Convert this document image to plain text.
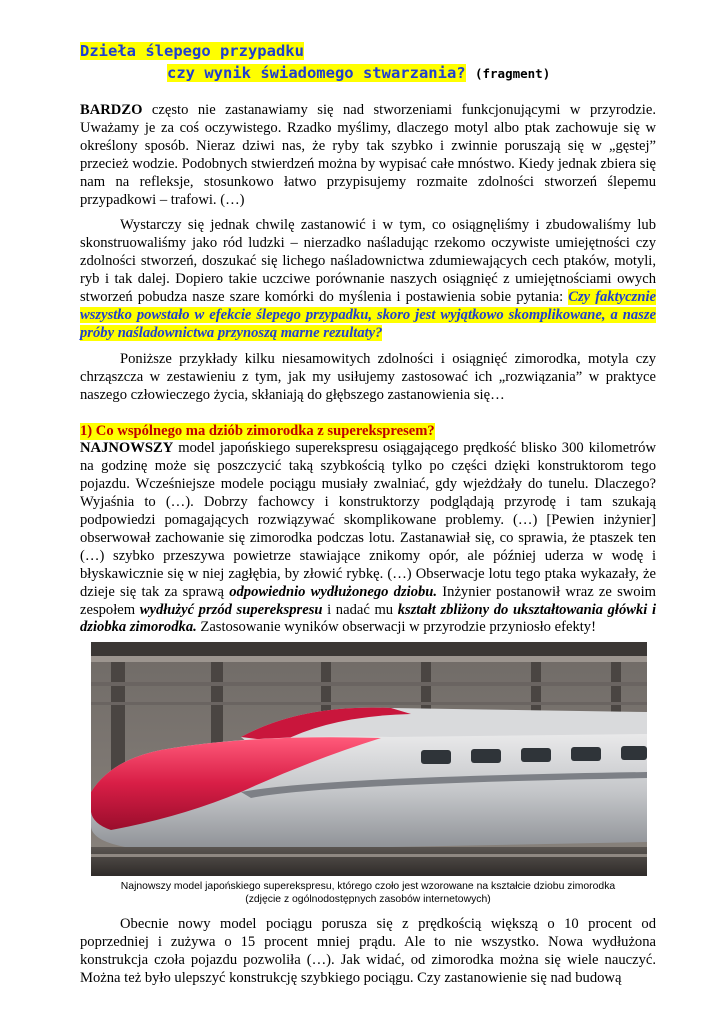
Dzieła ślepego przypadku
czy wynik świadomego stwarzania? (fragment)

BARDZO często nie zastanawiamy się nad stworzeniami funkcjonującymi w przyrodzie. Uważamy je za coś oczywistego. Rzadko myślimy, dlaczego motyl albo ptak zachowuje się w określony sposób. Nieraz dziwi nas, że ryby tak szybko i zwinnie poruszają się w „gęstej” przecież wodzie. Podobnych stwierdzeń można by wypisać całe mnóstwo. Kiedy jednak zbiera się nam na refleksje, stosunkowo łatwo przypisujemy rozmaite zdolności stworzeń ślepemu przypadkowi – trafowi. (…)

Wystarczy się jednak chwilę zastanowić i w tym, co osiągnęliśmy i zbudowaliśmy lub skonstruowaliśmy jako ród ludzki – nierzadko naśladując rzekomo oczywiste umiejętności czy zdolności stworzeń, doszukać się lichego naśladownictwa zdumiewających cech ptaków, motyli, ryb i tak dalej. Dopiero takie uczciwe porównanie naszych osiągnięć z umiejętnościami owych stworzeń pobudza nasze szare komórki do myślenia i postawienia sobie pytania: Czy faktycznie wszystko powstało w efekcie ślepego przypadku, skoro jest wyjątkowo skomplikowane, a nasze próby naśladownictwa przynoszą marne rezultaty?

Poniższe przykłady kilku niesamowitych zdolności i osiągnięć zimorodka, motyla czy chrząszcza w zestawieniu z tym, jak my usiłujemy zastosować ich „rozwiązania” w praktyce naszego człowieczego życia, skłaniają do głębszego zastanowienia się…

1) Co wspólnego ma dziób zimorodka z superekspresem?

NAJNOWSZY model japońskiego superekspresu osiągającego prędkość blisko 300 kilometrów na godzinę może się poszczycić taką szybkością tylko po części dzięki konstruktorom tego pojazdu. Wcześniejsze modele pociągu musiały zwalniać, gdy wjeżdżały do tunelu. Dlaczego? Wyjaśnia to (…). Dobrzy fachowcy i konstruktorzy podglądają przyrodę i tam szukają podpowiedzi pomagających rozwiązywać skomplikowane problemy. (…) [Pewien inżynier] obserwował zachowanie się zimorodka podczas lotu. Zastanawiał się, co sprawia, że ptaszek ten (…) szybko przeszywa powietrze stawiające znikomy opór, ale później uderza w wodę i błyskawicznie się w niej zagłębia, by złowić rybkę. (…) Obserwacje lotu tego ptaka wykazały, że dzieje się tak za sprawą odpowiednio wydłużonego dziobu. Inżynier postanowił wraz ze swoim zespołem wydłużyć przód superekspresu i nadać mu kształt zbliżony do ukształtowania główki i dziobka zimorodka. Zastosowanie wyników obserwacji w przyrodzie przyniosło efekty!

Najnowszy model japońskiego superekspresu, którego czoło jest wzorowane na kształcie dziobu zimorodka
(zdjęcie z ogólnodostępnych zasobów internetowych)

Obecnie nowy model pociągu porusza się z prędkością większą o 10 procent od poprzedniej i zużywa o 15 procent mniej prądu. Ale to nie wszystko. Nowa wydłużona konstrukcja czoła pojazdu pozwoliła (…). Jak widać, od zimorodka można się wiele nauczyć. Można też było ulepszyć konstrukcję szybkiego pociągu. Czy zastanowienie się nad budową
